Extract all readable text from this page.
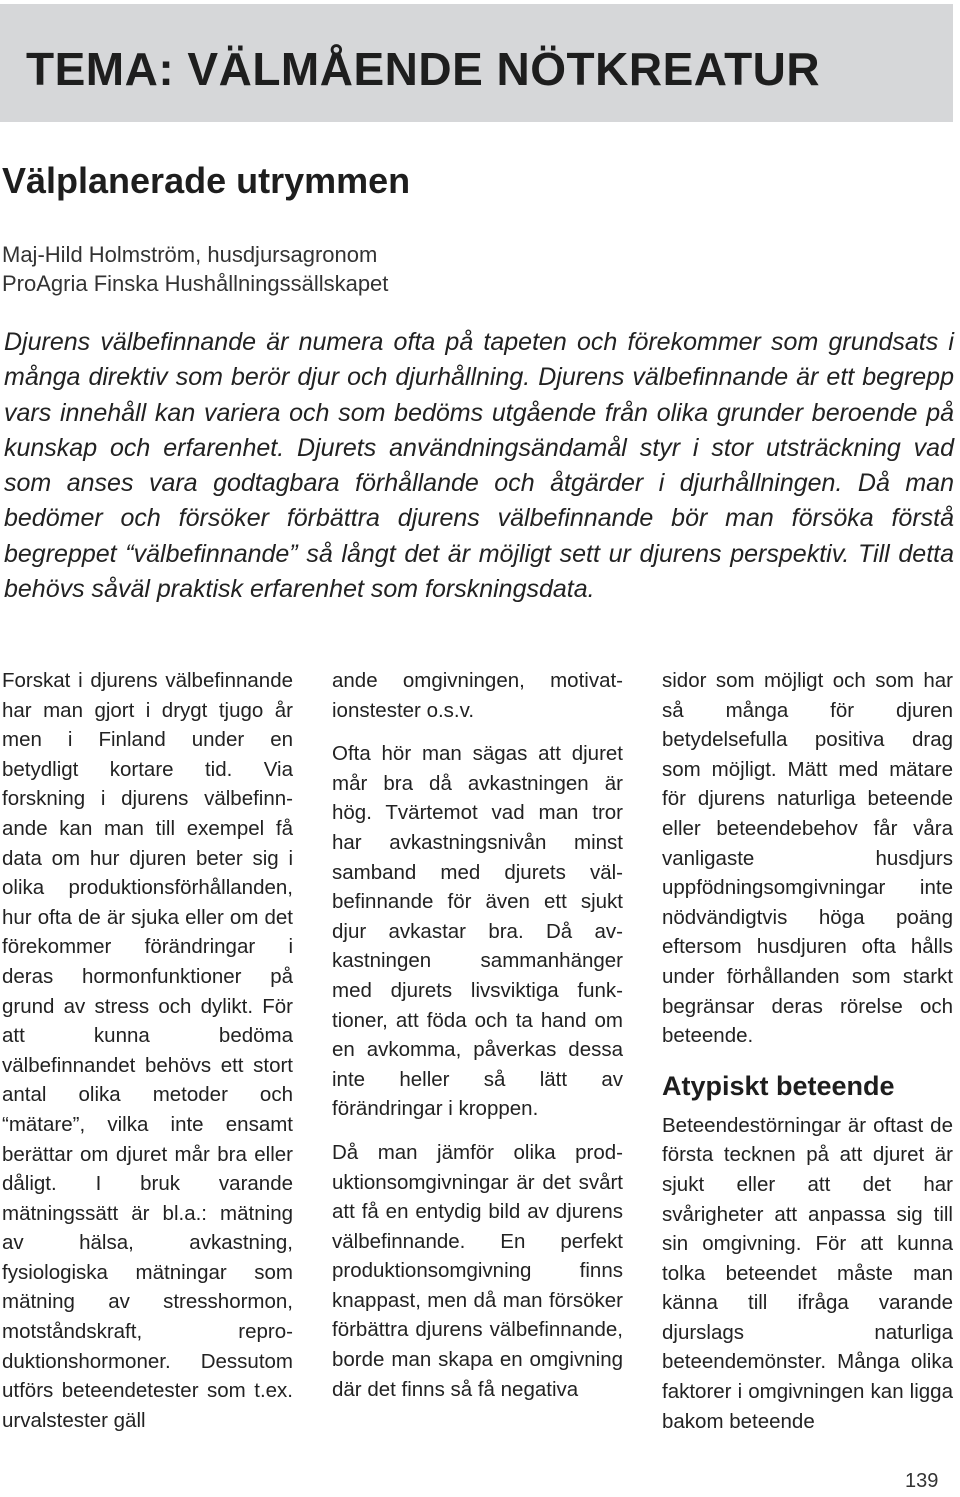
TEMA: VÄLMÅENDE NÖTKREATUR
Välplanerade utrymmen
Maj-Hild Holmström, husdjursagronom
ProAgria Finska Hushållningssällskapet

Djurens välbefinnande är numera ofta på tapeten och förekommer som grundsats i många direktiv som berör djur och djurhållning. Djurens välbefinnande är ett begrepp vars innehåll kan variera och som bedöms utgående från olika grunder beroende på kunskap och erfarenhet. Djurets användningsändamål styr i stor utsträckning vad som anses vara godtagbara förhållande och åtgärder i djurhållningen. Då man bedömer och försöker förbättra djurens välbefinnande bör man försöka förstå begreppet “välbefinnande” så långt det är möjligt sett ur djurens perspektiv. Till detta behövs såväl praktisk erfarenhet som forskningsdata.

Forskat i djurens välbefinnande har man gjort i drygt tjugo år men i Finland under en betydligt kortare tid. Via forskning i djurens välbefinnande kan man till exempel få data om hur djuren beter sig i olika produktionsförhållanden, hur ofta de är sjuka eller om det förekommer förändringar i deras hormonfunktioner på grund av stress och dylikt. För att kunna bedöma välbefinnandet behövs ett stort antal olika metoder och “mätare”, vilka inte ensamt berättar om djuret mår bra eller dåligt. I bruk varande mätningssätt är bl.a.: mätning av hälsa, avkastning, fysiologiska mätningar som mätning av stresshormon, motståndskraft, reproduktionshormoner. Dessutom utförs beteendetester som t.ex. urvalstester gäll

ande omgivningen, motivationstester o.s.v.

Ofta hör man sägas att djuret mår bra då avkastningen är hög. Tvärtemot vad man tror har avkastningsnivån minst samband med djurets välbefinnande för även ett sjukt djur avkastar bra. Då avkastningen sammanhänger med djurets livsviktiga funktioner, att föda och ta hand om en avkomma, påverkas dessa inte heller så lätt av förändringar i kroppen.

Då man jämför olika produktionsomgivningar är det svårt att få en entydig bild av djurens välbefinnande. En perfekt produktionsomgivning finns knappast, men då man försöker förbättra djurens välbefinnande, borde man skapa en omgivning där det finns så få negativa

sidor som möjligt och som har så många för djuren betydelsefulla positiva drag som möjligt. Mätt med mätare för djurens naturliga beteende eller beteendebehov får våra vanligaste husdjurs uppfödningsomgivningar inte nödvändigtvis höga poäng eftersom husdjuren ofta hålls under förhållanden som starkt begränsar deras rörelse och beteende.

Atypiskt beteende

Beteendestörningar är oftast de första tecknen på att djuret är sjukt eller att det har svårigheter att anpassa sig till sin omgivning. För att kunna tolka beteendet måste man känna till ifråga varande djurslags naturliga beteendemönster. Många olika faktorer i omgivningen kan ligga bakom beteende

139
